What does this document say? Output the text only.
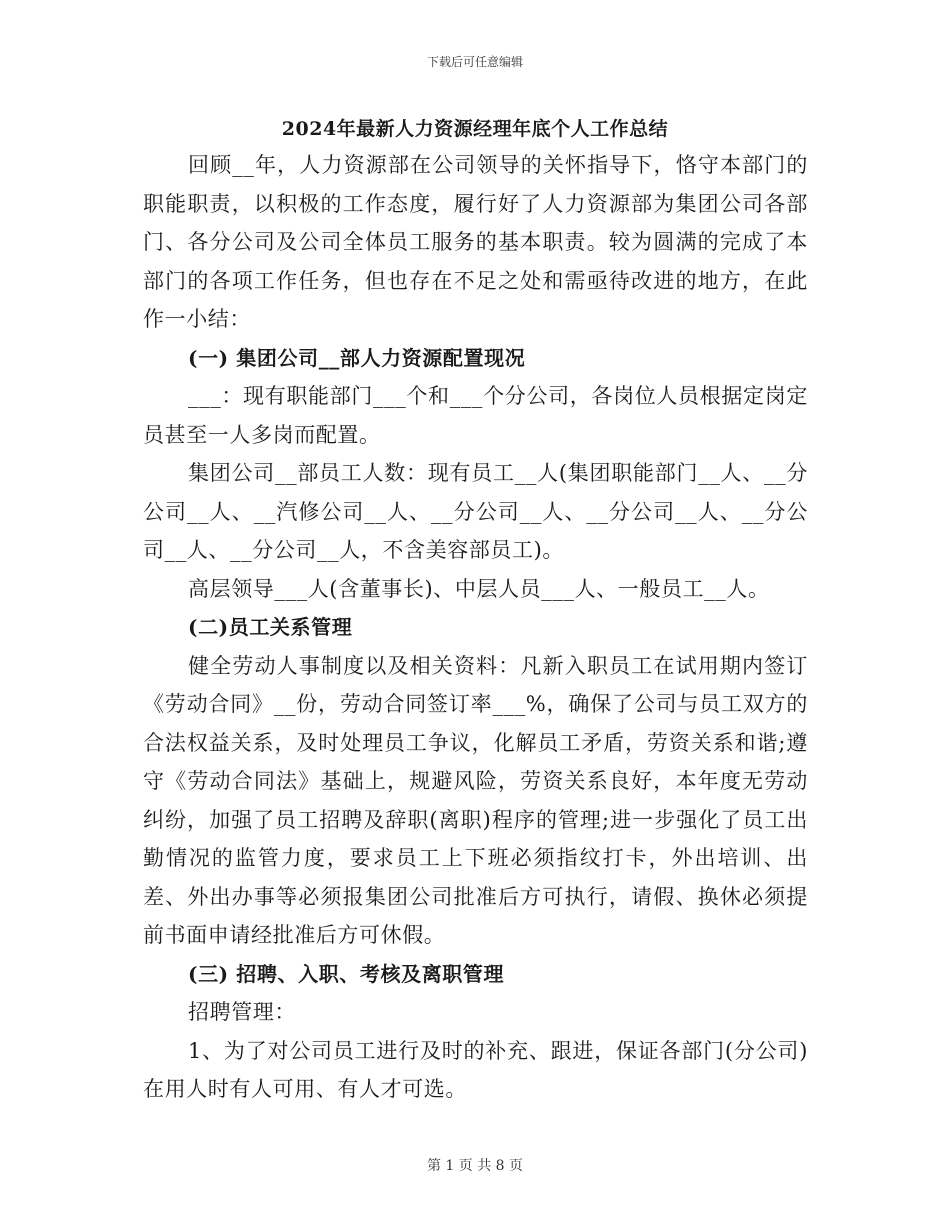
下载后可任意编辑
2024年最新人力资源经理年底个人工作总结

回顾__年，人力资源部在公司领导的关怀指导下，恪守本部门的职能职责，以积极的工作态度，履行好了人力资源部为集团公司各部门、各分公司及公司全体员工服务的基本职责。较为圆满的完成了本部门的各项工作任务，但也存在不足之处和需亟待改进的地方，在此作一小结：

(一) 集团公司__部人力资源配置现况

___：现有职能部门___个和___个分公司，各岗位人员根据定岗定员甚至一人多岗而配置。

集团公司__部员工人数：现有员工__人(集团职能部门__人、__分公司__人、__汽修公司__人、__分公司__人、__分公司__人、__分公司__人、__分公司__人，不含美容部员工)。

高层领导___人(含董事长)、中层人员___人、一般员工__人。

(二)员工关系管理

健全劳动人事制度以及相关资料：凡新入职员工在试用期内签订《劳动合同》__份，劳动合同签订率___%，确保了公司与员工双方的合法权益关系，及时处理员工争议，化解员工矛盾，劳资关系和谐;遵守《劳动合同法》基础上，规避风险，劳资关系良好，本年度无劳动纠纷，加强了员工招聘及辞职(离职)程序的管理;进一步强化了员工出勤情况的监管力度，要求员工上下班必须指纹打卡，外出培训、出差、外出办事等必须报集团公司批准后方可执行，请假、换休必须提前书面申请经批准后方可休假。

(三) 招聘、入职、考核及离职管理

招聘管理：

1、为了对公司员工进行及时的补充、跟进，保证各部门(分公司)在用人时有人可用、有人才可选。

第 1 页 共 8 页
